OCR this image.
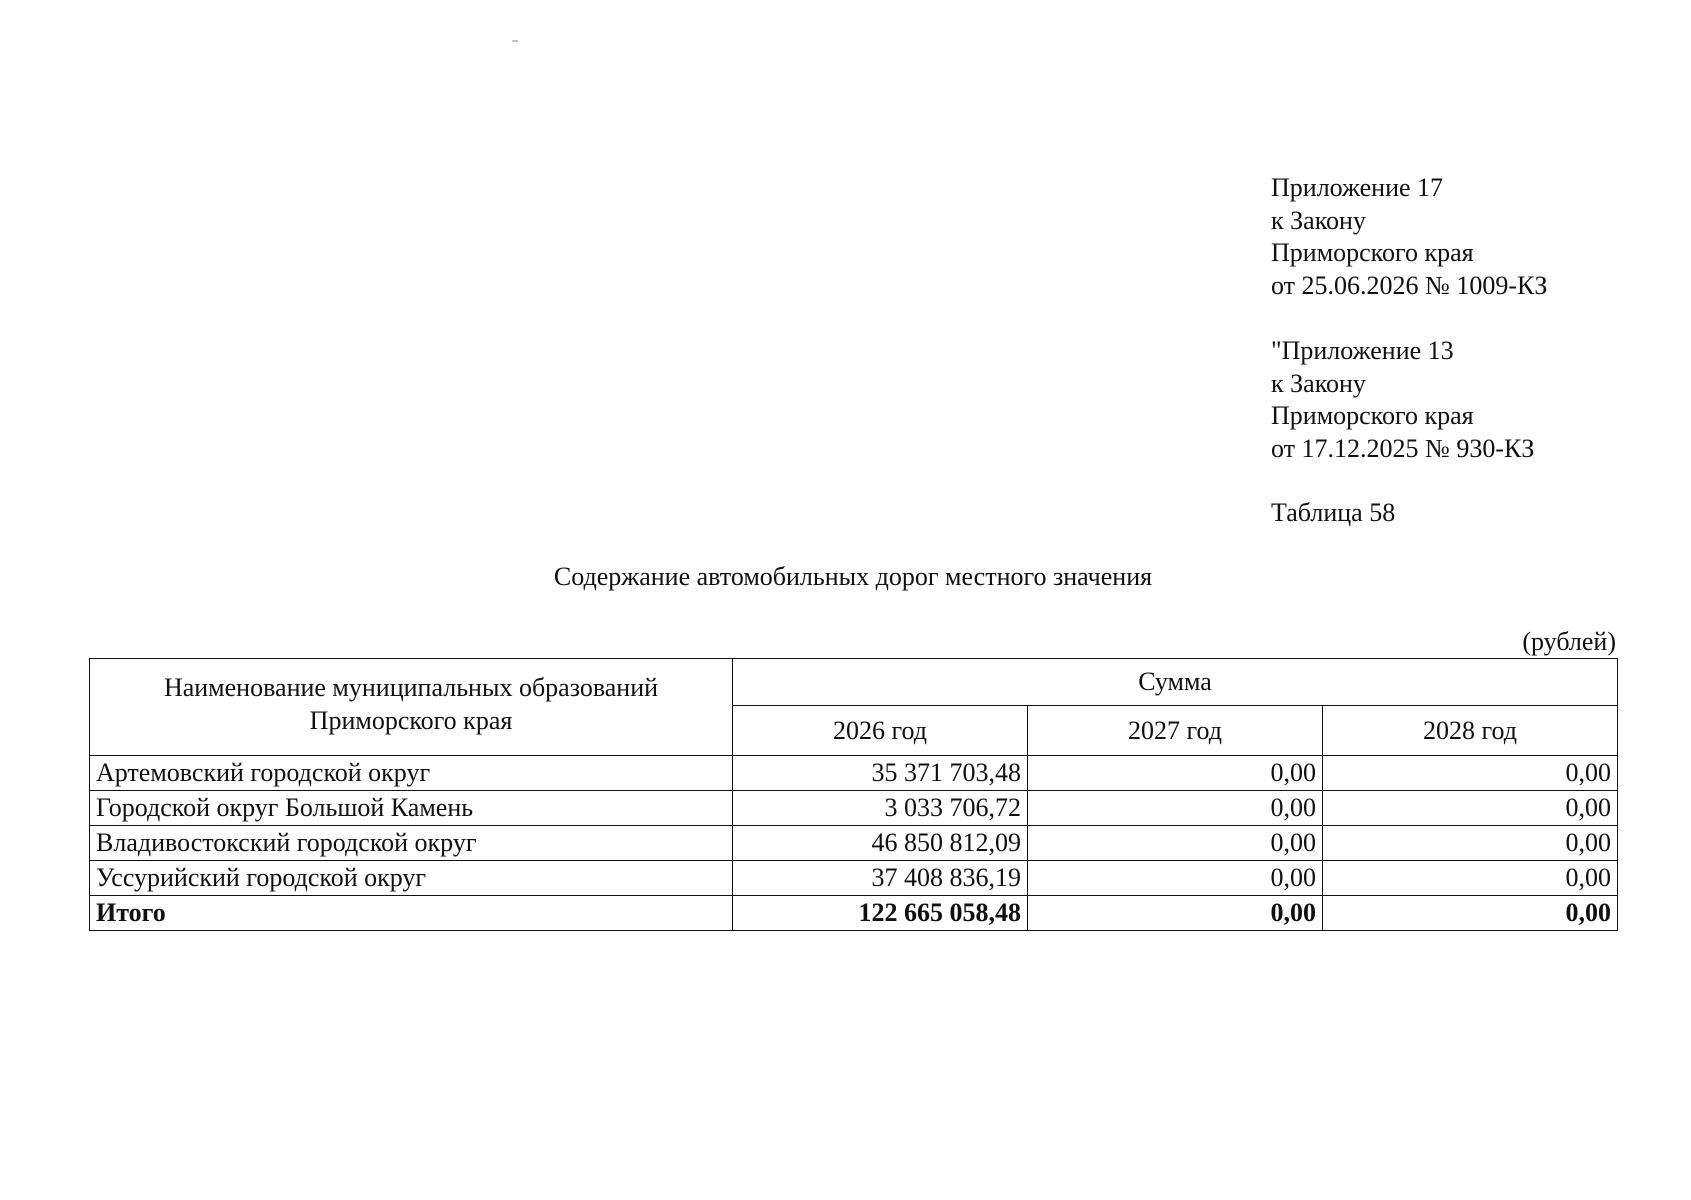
Приложение 17
к Закону
Приморского края
от 25.06.2026 № 1009-КЗ
"Приложение 13
к Закону
Приморского края
от 17.12.2025 № 930-КЗ
Таблица 58
Содержание автомобильных дорог местного значения
(рублей)
Наименование муниципальных образований
Приморского края	Сумма		
	2026 год	2027 год	2028 год
Артемовский городской округ	35 371 703,48	0,00	0,00
Городской округ Большой Камень	3 033 706,72	0,00	0,00
Владивостокский городской округ	46 850 812,09	0,00	0,00
Уссурийский городской округ	37 408 836,19	0,00	0,00
Итого	122 665 058,48	0,00	0,00
